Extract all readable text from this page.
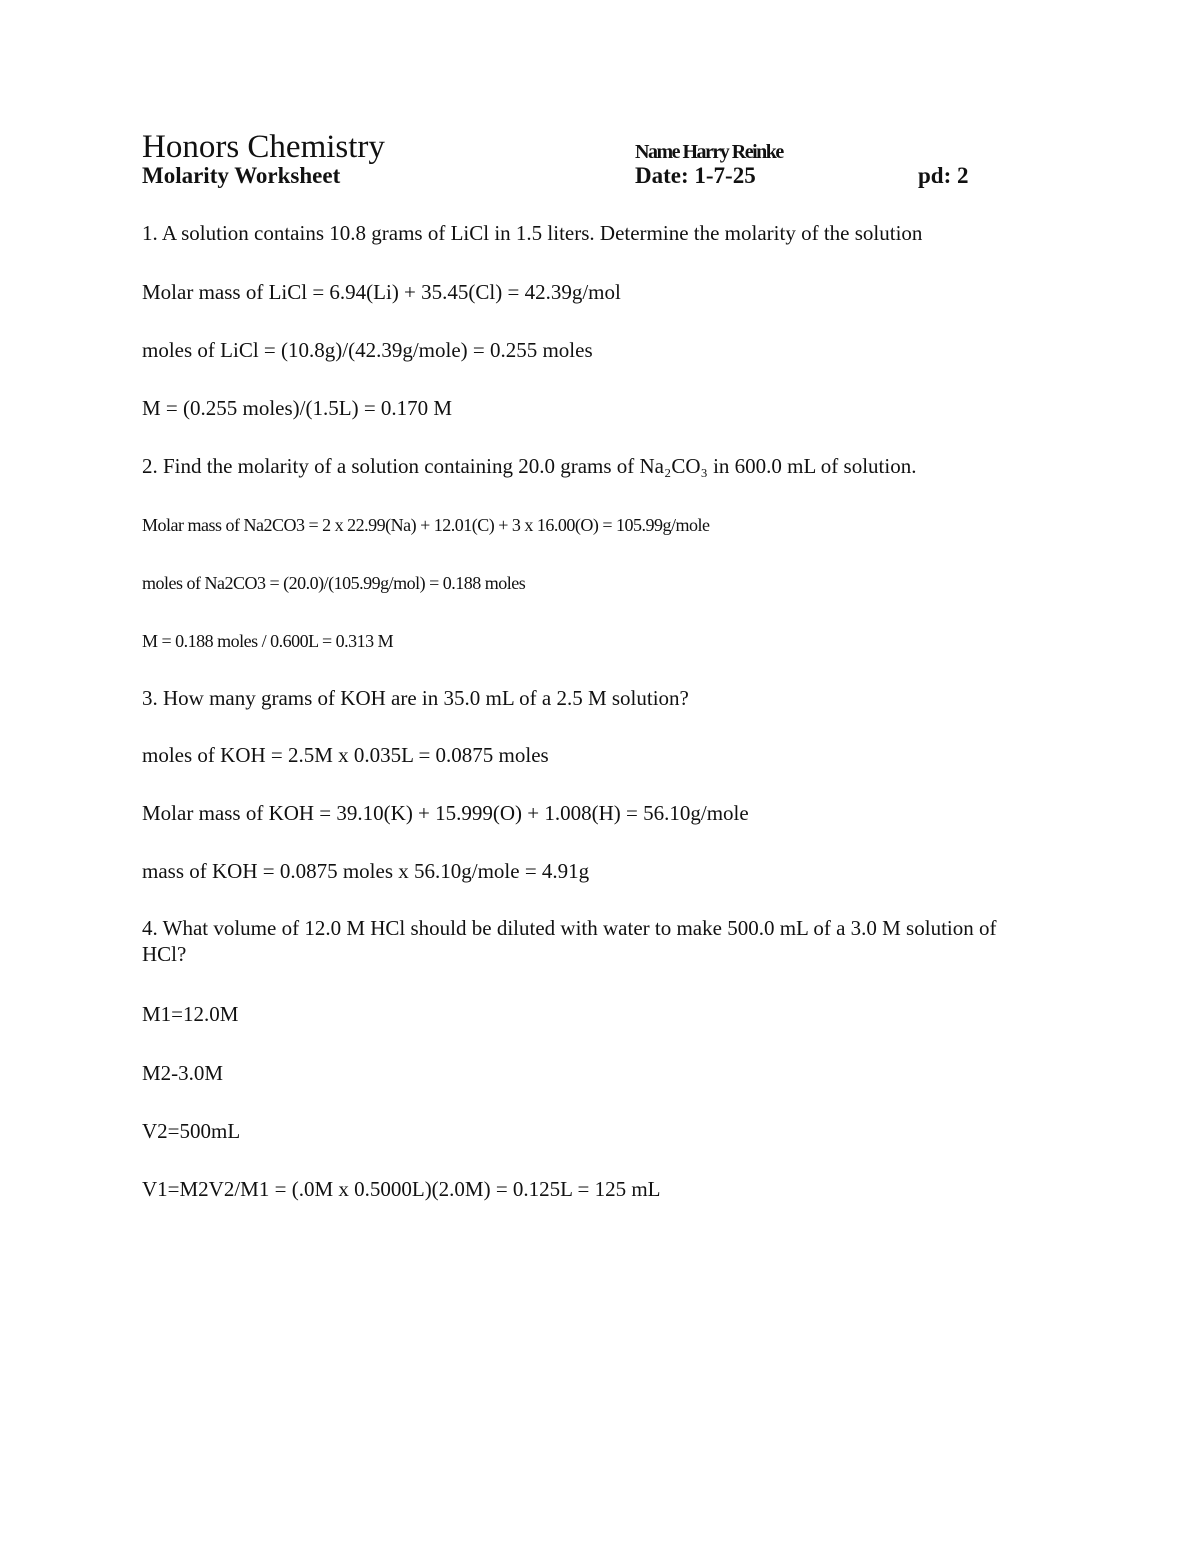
Honors Chemistry	Name Harry Reinke
Molarity Worksheet	Date: 1-7-25	pd: 2
1. A solution contains 10.8 grams of LiCl in 1.5 liters. Determine the molarity of the solution
Molar mass of LiCl = 6.94(Li) + 35.45(Cl) = 42.39g/mol
moles of LiCl = (10.8g)/(42.39g/mole) = 0.255 moles
M = (0.255 moles)/(1.5L) = 0.170 M
2. Find the molarity of a solution containing 20.0 grams of Na₂CO₃ in 600.0 mL of solution.
Molar mass of Na2CO3 = 2 x 22.99(Na) + 12.01(C) + 3 x 16.00(O) = 105.99g/mole
moles of Na2CO3 = (20.0)/(105.99g/mol) = 0.188 moles
M = 0.188 moles / 0.600L = 0.313 M
3. How many grams of KOH are in 35.0 mL of a 2.5 M solution?
moles of KOH = 2.5M x 0.035L = 0.0875 moles
Molar mass of KOH = 39.10(K) + 15.999(O) + 1.008(H) = 56.10g/mole
mass of KOH = 0.0875 moles x 56.10g/mole = 4.91g
4. What volume of 12.0 M HCl should be diluted with water to make 500.0 mL of a 3.0 M solution of HCl?
M1=12.0M
M2-3.0M
V2=500mL
V1=M2V2/M1 = (.0M x 0.5000L)(2.0M) = 0.125L = 125 mL
